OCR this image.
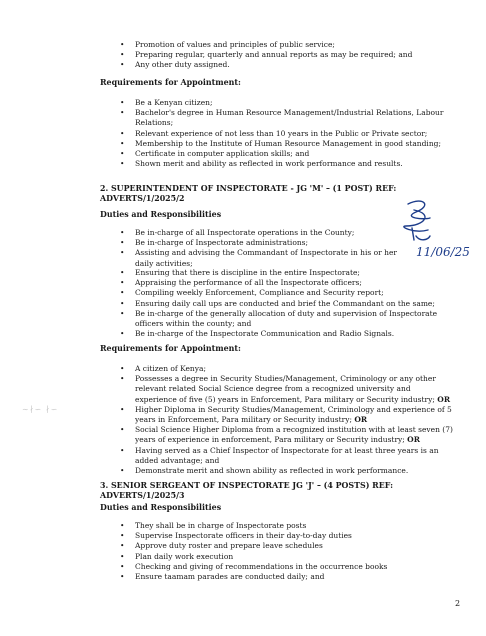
• Promotion of values and principles of public service;
• Preparing regular, quarterly and annual reports as may be required; and
• Any other duty assigned.
Requirements for Appointment:
• Be a Kenyan citizen;
• Bachelor's degree in Human Resource Management/Industrial Relations, Labour Relations;
• Relevant experience of not less than 10 years in the Public or Private sector;
• Membership to the Institute of Human Resource Management in good standing;
• Certificate in computer application skills; and
• Shown merit and ability as reflected in work performance and results.
2. SUPERINTENDENT OF INSPECTORATE - JG 'M' – (1 POST) REF: ADVERTS/1/2025/2
Duties and Responsibilities
• Be in-charge of all Inspectorate operations in the County;
• Be in-charge of Inspectorate administrations;
• Assisting and advising the Commandant of Inspectorate in his or her daily activities;
• Ensuring that there is discipline in the entire Inspectorate;
• Appraising the performance of all the Inspectorate officers;
• Compiling weekly Enforcement, Compliance and Security report;
• Ensuring daily call ups are conducted and brief the Commandant on the same;
• Be in-charge of the generally allocation of duty and supervision of Inspectorate officers within the county; and
• Be in-charge of the Inspectorate Communication and Radio Signals.
Requirements for Appointment:
• A citizen of Kenya;
• Possesses a degree in Security Studies/Management, Criminology or any other relevant related Social Science degree from a recognized university and experience of five (5) years in Enforcement, Para military or Security industry; OR
• Higher Diploma in Security Studies/Management, Criminology and experience of 5 years in Enforcement, Para military or Security industry; OR
• Social Science Higher Diploma from a recognized institution with at least seven (7) years of experience in enforcement, Para military or Security industry; OR
• Having served as a Chief Inspector of Inspectorate for at least three years is an added advantage; and
• Demonstrate merit and shown ability as reflected in work performance.
3. SENIOR SERGEANT OF INSPECTORATE JG 'J' – (4 POSTS) REF: ADVERTS/1/2025/3
Duties and Responsibilities
• They shall be in charge of Inspectorate posts
• Supervise Inspectorate officers in their day-to-day duties
• Approve duty roster and prepare leave schedules
• Plan daily work execution
• Checking and giving of recommendations in the occurrence books
• Ensure taamam parades are conducted daily; and
11/06/25
∼∤∽ ∤∽
2
